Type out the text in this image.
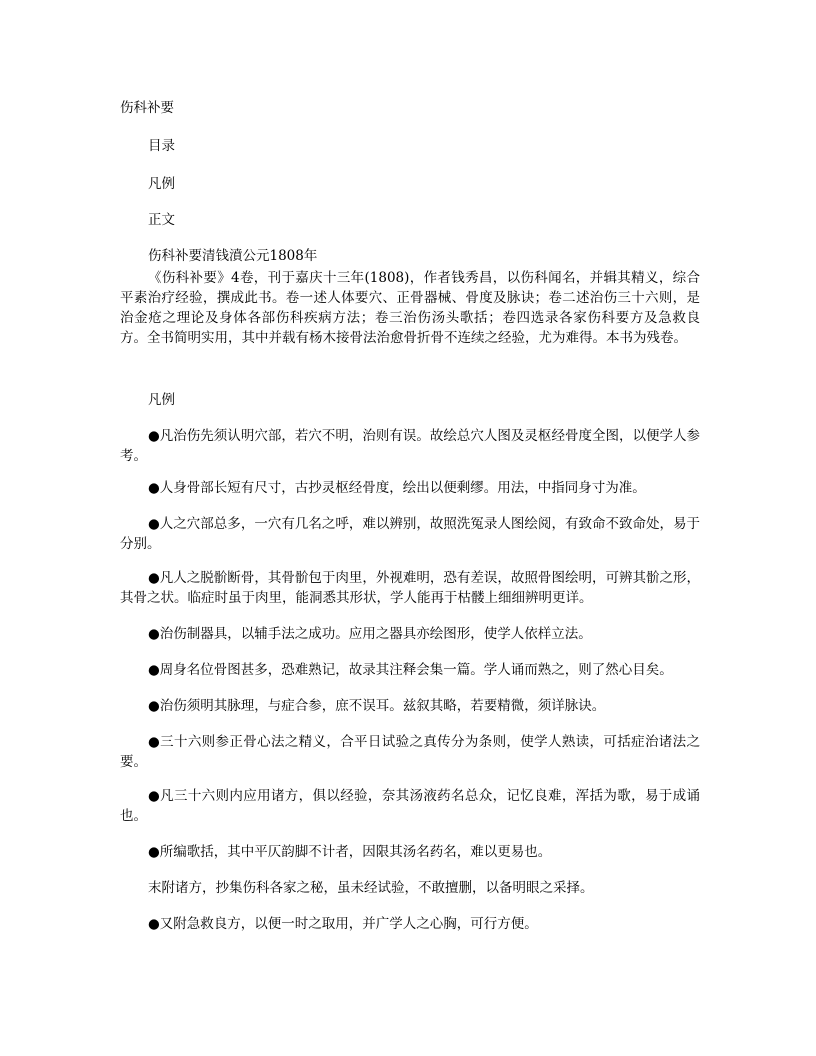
伤科补要

目录

凡例

正文

伤科补要清钱濆公元1808年

《伤科补要》4卷，刊于嘉庆十三年(1808)，作者钱秀昌，以伤科闻名，并辑其精义，综合平素治疗经验，撰成此书。卷一述人体要穴、正骨器械、骨度及脉诀；卷二述治伤三十六则，是治金疮之理论及身体各部伤科疾病方法；卷三治伤汤头歌括；卷四选录各家伤科要方及急救良方。全书简明实用，其中并载有杨木接骨法治愈骨折骨不连续之经验，尤为难得。本书为残卷。

凡例

●凡治伤先须认明穴部，若穴不明，治则有误。故绘总穴人图及灵枢经骨度全图，以便学人参考。

●人身骨部长短有尺寸，古抄灵枢经骨度，绘出以便剩缪。用法，中指同身寸为准。

●人之穴部总多，一穴有几名之呼，难以辨别，故照洗冤录人图绘阅，有致命不致命处，易于分别。

●凡人之脱骱断骨，其骨骱包于肉里，外视难明，恐有差误，故照骨图绘明，可辨其骱之形，其骨之状。临症时虽于肉里，能洞悉其形状，学人能再于枯髅上细细辨明更详。

●治伤制器具，以辅手法之成功。应用之器具亦绘图形，使学人依样立法。

●周身名位骨图甚多，恐难熟记，故录其注释会集一篇。学人诵而熟之，则了然心目矣。

●治伤须明其脉理，与症合参，庶不误耳。兹叙其略，若要精微，须详脉诀。

●三十六则参正骨心法之精义，合平日试验之真传分为条则，使学人熟读，可括症治诸法之要。

●凡三十六则内应用诸方，俱以经验，奈其汤液药名总众，记忆良难，浑括为歌，易于成诵也。

●所编歌括，其中平仄韵脚不计者，因限其汤名药名，难以更易也。

末附诸方，抄集伤科各家之秘，虽未经试验，不敢擅删，以备明眼之采择。

●又附急救良方，以便一时之取用，并广学人之心胸，可行方便。
